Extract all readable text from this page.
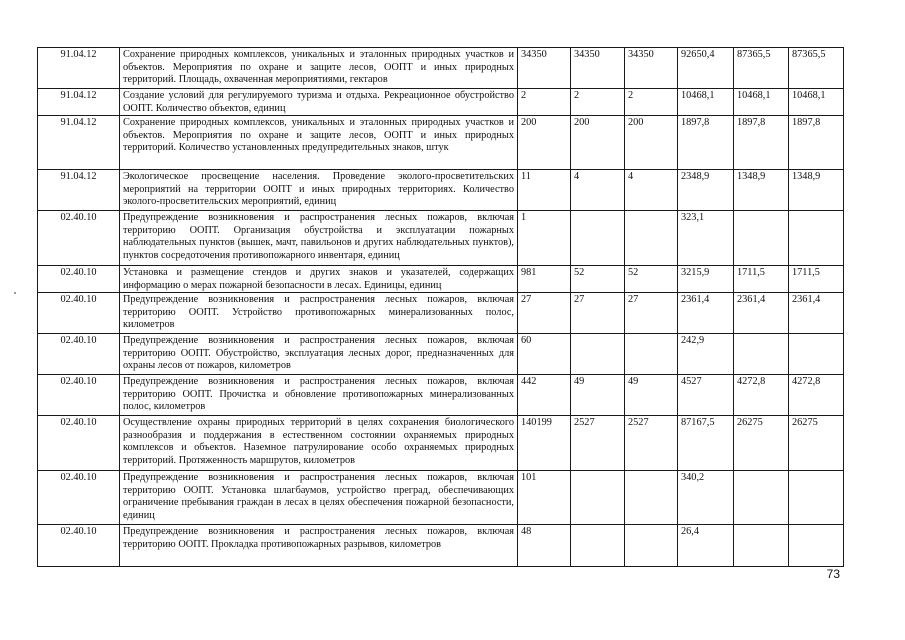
91.04.12	Сохранение природных комплексов, уникальных и эталонных природных участков и объектов. Мероприятия по охране и защите лесов, ООПТ и иных природных территорий. Площадь, охваченная мероприятиями, гектаров	34350	34350	34350	92650,4	87365,5	87365,5
91.04.12	Создание условий для регулируемого туризма и отдыха. Рекреационное обустройство ООПТ. Количество объектов, единиц	2	2	2	10468,1	10468,1	10468,1
91.04.12	Сохранение природных комплексов, уникальных и эталонных природных участков и объектов. Мероприятия по охране и защите лесов, ООПТ и иных природных территорий. Количество установленных предупредительных знаков, штук	200	200	200	1897,8	1897,8	1897,8
91.04.12	Экологическое просвещение населения. Проведение эколого-просветительских мероприятий на территории ООПТ и иных природных территориях. Количество эколого-просветительских мероприятий, единиц	11	4	4	2348,9	1348,9	1348,9
02.40.10	Предупреждение возникновения и распространения лесных пожаров, включая территорию ООПТ. Организация обустройства и эксплуатации пожарных наблюдательных пунктов (вышек, мачт, павильонов и других наблюдательных пунктов), пунктов сосредоточения противопожарного инвентаря, единиц	1			323,1		
02.40.10	Установка и размещение стендов и других знаков и указателей, содержащих информацию о мерах пожарной безопасности в лесах. Единицы, единиц	981	52	52	3215,9	1711,5	1711,5
02.40.10	Предупреждение возникновения и распространения лесных пожаров, включая территорию ООПТ. Устройство противопожарных минерализованных полос, километров	27	27	27	2361,4	2361,4	2361,4
02.40.10	Предупреждение возникновения и распространения лесных пожаров, включая территорию ООПТ. Обустройство, эксплуатация лесных дорог, предназначенных для охраны лесов от пожаров, километров	60			242,9		
02.40.10	Предупреждение возникновения и распространения лесных пожаров, включая территорию ООПТ. Прочистка и обновление противопожарных минерализованных полос, километров	442	49	49	4527	4272,8	4272,8
02.40.10	Осуществление охраны природных территорий в целях сохранения биологического разнообразия и поддержания в естественном состоянии охраняемых природных комплексов и объектов. Наземное патрулирование особо охраняемых природных территорий. Протяженность маршрутов, километров	140199	2527	2527	87167,5	26275	26275
02.40.10	Предупреждение возникновения и распространения лесных пожаров, включая территорию ООПТ. Установка шлагбаумов, устройство преград, обеспечивающих ограничение пребывания граждан в лесах в целях обеспечения пожарной безопасности, единиц	101			340,2		
02.40.10	Предупреждение возникновения и распространения лесных пожаров, включая территорию ООПТ. Прокладка противопожарных разрывов, километров	48			26,4		
73
